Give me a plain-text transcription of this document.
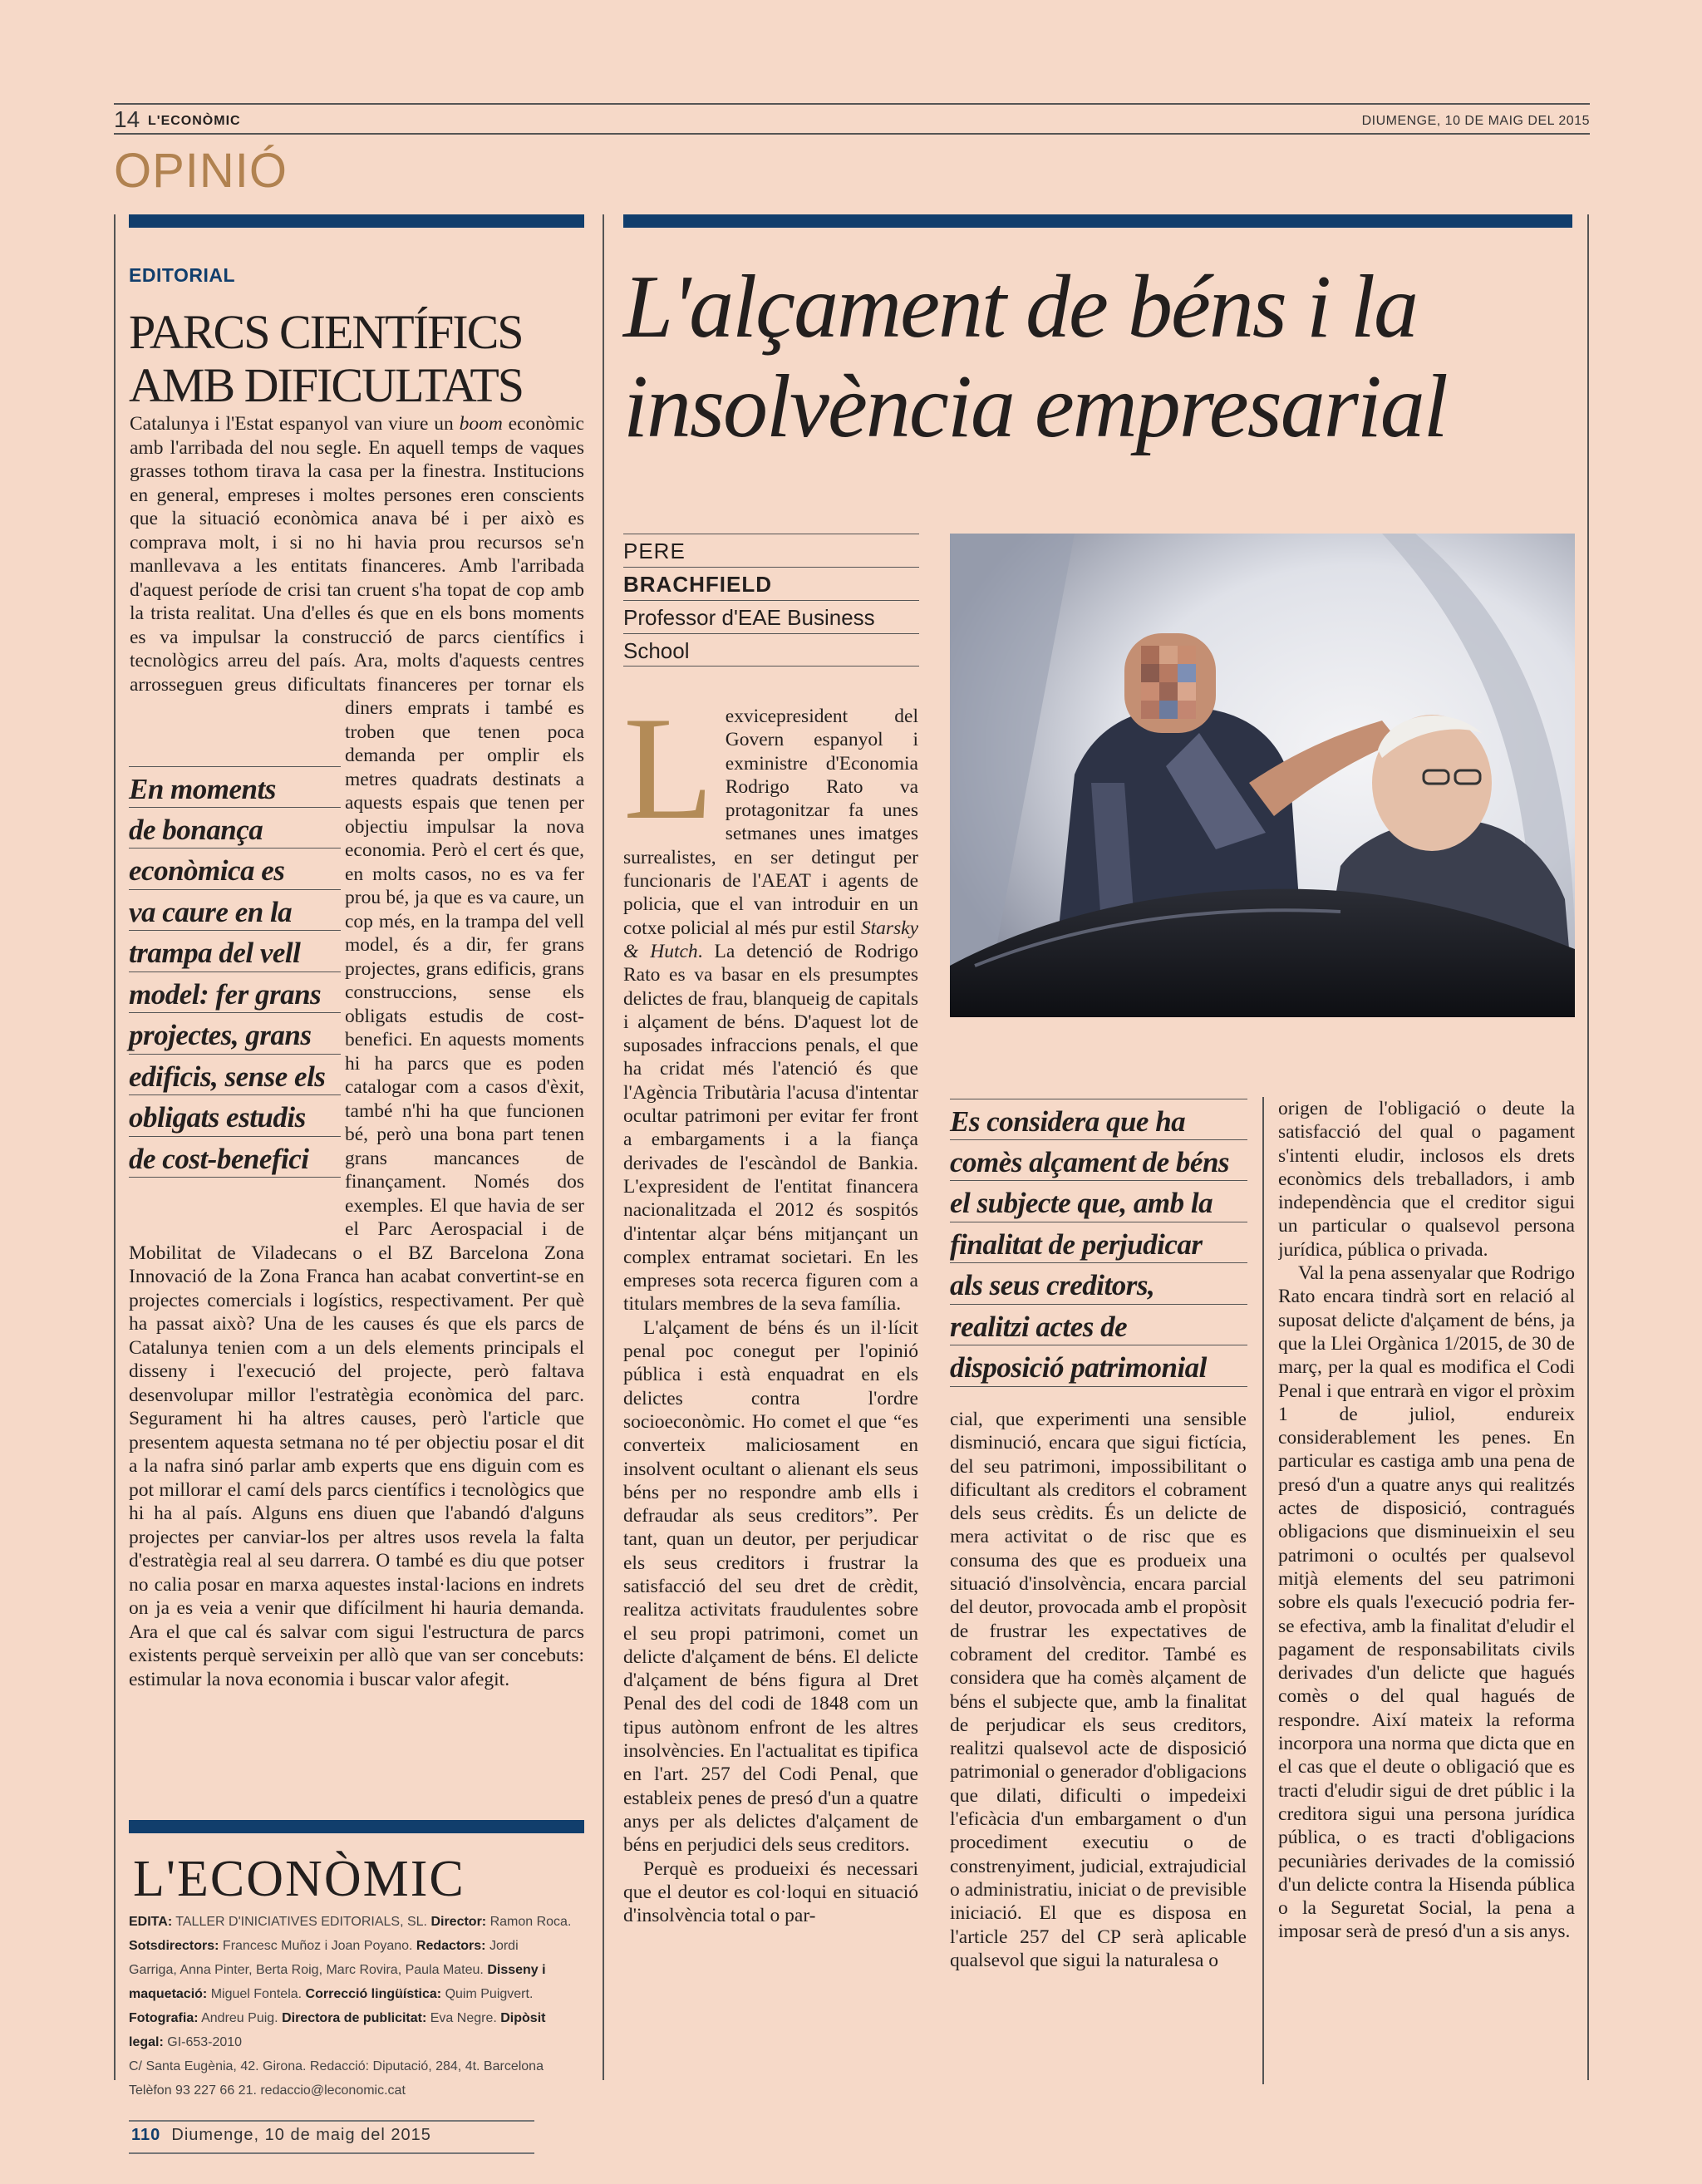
14 L'ECONÒMIC	DIUMENGE, 10 DE MAIG DEL 2015
OPINIÓ
EDITORIAL
PARCS CIENTÍFICS
AMB DIFICULTATS

Catalunya i l'Estat espanyol van viure un boom econòmic amb l'arribada del nou segle. En aquell temps de vaques grasses tothom tirava la casa per la finestra. Institucions en general, empreses i moltes persones eren conscients que la situació econòmica anava bé i per això es comprava molt, i si no hi havia prou recursos se'n manllevava a les entitats financeres. Amb l'arribada d'aquest període de crisi tan cruent s'ha topat de cop amb la trista realitat. Una d'elles és que en els bons moments es va impulsar la construcció de parcs científics i tecnològics arreu del país. Ara, molts d'aquests centres arrosseguen greus dificultats financeres per tornar els diners emprats i també es troben que tenen poca demanda per omplir els metres quadrats destinats a aquests espais que tenen per objectiu impulsar la nova economia. Però el cert és que, en molts casos, no es va fer prou bé, ja que es va caure, un cop més, en la trampa del vell model, és a dir, fer grans projectes, grans edificis, grans construccions, sense els obligats estudis de cost-benefici. En aquests moments hi ha parcs que es poden catalogar com a casos d'èxit, també n'hi ha que funcionen bé, però una bona part tenen grans mancances de finançament. Només dos exemples. El que havia de ser el Parc Aerospacial i de Mobilitat de Viladecans o el BZ Barcelona Zona Innovació de la Zona Franca han acabat convertint-se en projectes comercials i logístics, respectivament. Per què ha passat això? Una de les causes és que els parcs de Catalunya tenien com a un dels elements principals el disseny i l'execució del projecte, però faltava desenvolupar millor l'estratègia econòmica del parc. Segurament hi ha altres causes, però l'article que presentem aquesta setmana no té per objectiu posar el dit a la nafra sinó parlar amb experts que ens diguin com es pot millorar el camí dels parcs científics i tecnològics que hi ha al país. Alguns ens diuen que l'abandó d'alguns projectes per canviar-los per altres usos revela la falta d'estratègia real al seu darrera. O també es diu que potser no calia posar en marxa aquestes instal·lacions en indrets on ja es veia a venir que difícilment hi hauria demanda. Ara el que cal és salvar com sigui l'estructura de parcs existents perquè serveixin per allò que van ser concebuts: estimular la nova economia i buscar valor afegit.

En moments
de bonança
econòmica es
va caure en la
trampa del vell
model: fer grans
projectes, grans
edificis, sense els
obligats estudis
de cost-benefici
L'ECONÒMIC
EDITA: TALLER D'INICIATIVES EDITORIALS, SL. Director: Ramon Roca.
Sotsdirectors: Francesc Muñoz i Joan Poyano. Redactors: Jordi
Garriga, Anna Pinter, Berta Roig, Marc Rovira, Paula Mateu. Disseny i
maquetació: Miguel Fontela. Correcció lingüística: Quim Puigvert.
Fotografia: Andreu Puig. Directora de publicitat: Eva Negre. Dipòsit
legal: GI-653-2010
C/ Santa Eugènia, 42. Girona. Redacció: Diputació, 284, 4t. Barcelona
Telèfon 93 227 66 21. redaccio@leconomic.cat
110 Diumenge, 10 de maig del 2015
L'alçament de béns i la
insolvència empresarial
PERE
BRACHFIELD
Professor d'EAE Business
School
L exvicepresident del Govern espanyol i exministre d'Economia Rodrigo Rato va protagonitzar fa unes setmanes unes imatges surrealistes, en ser detingut per funcionaris de l'AEAT i agents de policia, que el van introduir en un cotxe policial al més pur estil Starsky & Hutch. La detenció de Rodrigo Rato es va basar en els presumptes delictes de frau, blanqueig de capitals i alçament de béns. D'aquest lot de suposades infraccions penals, el que ha cridat més l'atenció és que l'Agència Tributària l'acusa d'intentar ocultar patrimoni per evitar fer front a embargaments i a la fiança derivades de l'escàndol de Bankia. L'expresident de l'entitat financera nacionalitzada el 2012 és sospitós d'intentar alçar béns mitjançant un complex entramat societari. En les empreses sota recerca figuren com a titulars membres de la seva família.

L'alçament de béns és un il·lícit penal poc conegut per l'opinió pública i està enquadrat en els delictes contra l'ordre socioeconòmic. Ho comet el que “es converteix maliciosament en insolvent ocultant o alienant els seus béns per no respondre amb ells i defraudar als seus creditors”. Per tant, quan un deutor, per perjudicar els seus creditors i frustrar la satisfacció del seu dret de crèdit, realitza activitats fraudulentes sobre el seu propi patrimoni, comet un delicte d'alçament de béns. El delicte d'alçament de béns figura al Dret Penal des del codi de 1848 com un tipus autònom enfront de les altres insolvències. En l'actualitat es tipifica en l'art. 257 del Codi Penal, que estableix penes de presó d'un a quatre anys per als delictes d'alçament de béns en perjudici dels seus creditors.

Perquè es produeixi és necessari que el deutor es col·loqui en situació d'insolvència total o par-

Es considera que ha
comès alçament de béns
el subjecte que, amb la
finalitat de perjudicar
als seus creditors,
realitzi actes de
disposició patrimonial

cial, que experimenti una sensible disminució, encara que sigui fictícia, del seu patrimoni, impossibilitant o dificultant als creditors el cobrament dels seus crèdits. És un delicte de mera activitat o de risc que es consuma des que es produeix una situació d'insolvència, encara parcial del deutor, provocada amb el propòsit de frustrar les expectatives de cobrament del creditor. També es considera que ha comès alçament de béns el subjecte que, amb la finalitat de perjudicar els seus creditors, realitzi qualsevol acte de disposició patrimonial o generador d'obligacions que dilati, dificulti o impedeixi l'eficàcia d'un embargament o d'un procediment executiu o de constrenyiment, judicial, extrajudicial o administratiu, iniciat o de previsible iniciació. El que es disposa en l'article 257 del CP serà aplicable qualsevol que sigui la naturalesa o

origen de l'obligació o deute la satisfacció del qual o pagament s'intenti eludir, inclosos els drets econòmics dels treballadors, i amb independència que el creditor sigui un particular o qualsevol persona jurídica, pública o privada.

Val la pena assenyalar que Rodrigo Rato encara tindrà sort en relació al suposat delicte d'alçament de béns, ja que la Llei Orgànica 1/2015, de 30 de març, per la qual es modifica el Codi Penal i que entrarà en vigor el pròxim 1 de juliol, endureix considerablement les penes. En particular es castiga amb una pena de presó d'un a quatre anys qui realitzés actes de disposició, contragués obligacions que disminueixin el seu patrimoni o ocultés per qualsevol mitjà elements del seu patrimoni sobre els quals l'execució podria fer-se efectiva, amb la finalitat d'eludir el pagament de responsabilitats civils derivades d'un delicte que hagués comès o del qual hagués de respondre. Així mateix la reforma incorpora una norma que dicta que en el cas que el deute o obligació que es tracti d'eludir sigui de dret públic i la creditora sigui una persona jurídica pública, o es tracti d'obligacions pecuniàries derivades de la comissió d'un delicte contra la Hisenda pública o la Seguretat Social, la pena a imposar serà de presó d'un a sis anys.
